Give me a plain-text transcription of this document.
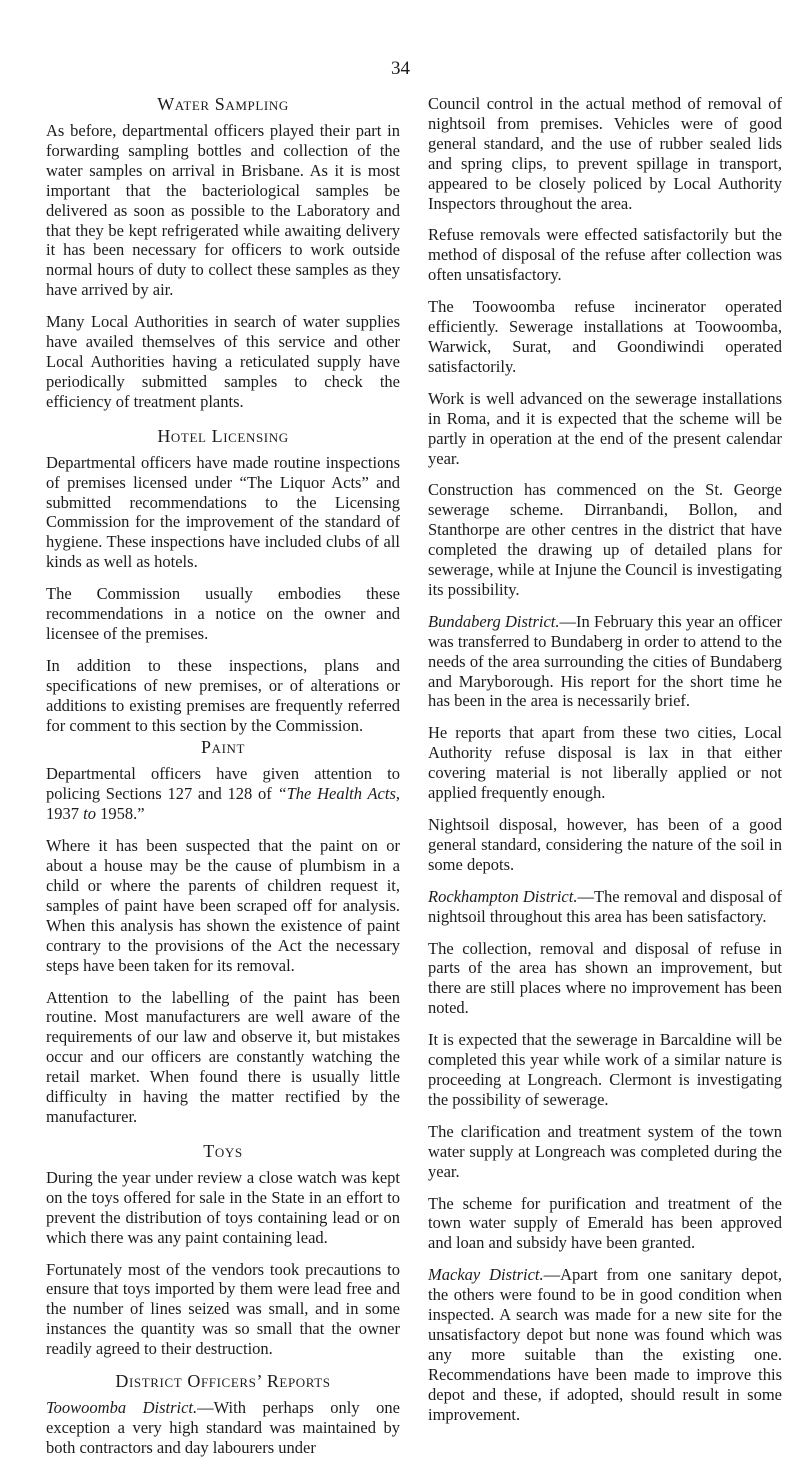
34
Water Sampling

As before, departmental officers played their part in forwarding sampling bottles and collection of the water samples on arrival in Brisbane. As it is most important that the bacteriological samples be delivered as soon as possible to the Laboratory and that they be kept refrigerated while awaiting delivery it has been necessary for officers to work outside normal hours of duty to collect these samples as they have arrived by air.

Many Local Authorities in search of water supplies have availed themselves of this service and other Local Authorities having a reticulated supply have periodically submitted samples to check the efficiency of treatment plants.

Hotel Licensing

Departmental officers have made routine inspections of premises licensed under “The Liquor Acts” and submitted recommendations to the Licensing Commission for the improvement of the standard of hygiene. These inspections have included clubs of all kinds as well as hotels.

The Commission usually embodies these recommendations in a notice on the owner and licensee of the premises.

In addition to these inspections, plans and specifications of new premises, or of alterations or additions to existing premises are frequently referred for comment to this section by the Commission.

Paint

Departmental officers have given attention to policing Sections 127 and 128 of “The Health Acts, 1937 to 1958.”

Where it has been suspected that the paint on or about a house may be the cause of plumbism in a child or where the parents of children request it, samples of paint have been scraped off for analysis. When this analysis has shown the existence of paint contrary to the provisions of the Act the necessary steps have been taken for its removal.

Attention to the labelling of the paint has been routine. Most manufacturers are well aware of the requirements of our law and observe it, but mistakes occur and our officers are constantly watching the retail market. When found there is usually little difficulty in having the matter rectified by the manufacturer.

Toys

During the year under review a close watch was kept on the toys offered for sale in the State in an effort to prevent the distribution of toys containing lead or on which there was any paint containing lead.

Fortunately most of the vendors took precautions to ensure that toys imported by them were lead free and the number of lines seized was small, and in some instances the quantity was so small that the owner readily agreed to their destruction.

District Officers’ Reports

Toowoomba District.—With perhaps only one exception a very high standard was maintained by both contractors and day labourers under

Council control in the actual method of removal of nightsoil from premises. Vehicles were of good general standard, and the use of rubber sealed lids and spring clips, to prevent spillage in transport, appeared to be closely policed by Local Authority Inspectors throughout the area.

Refuse removals were effected satisfactorily but the method of disposal of the refuse after collection was often unsatisfactory.

The Toowoomba refuse incinerator operated efficiently. Sewerage installations at Toowoomba, Warwick, Surat, and Goondiwindi operated satisfactorily.

Work is well advanced on the sewerage installations in Roma, and it is expected that the scheme will be partly in operation at the end of the present calendar year.

Construction has commenced on the St. George sewerage scheme. Dirranbandi, Bollon, and Stanthorpe are other centres in the district that have completed the drawing up of detailed plans for sewerage, while at Injune the Council is investigating its possibility.

Bundaberg District.—In February this year an officer was transferred to Bundaberg in order to attend to the needs of the area surrounding the cities of Bundaberg and Maryborough. His report for the short time he has been in the area is necessarily brief.

He reports that apart from these two cities, Local Authority refuse disposal is lax in that either covering material is not liberally applied or not applied frequently enough.

Nightsoil disposal, however, has been of a good general standard, considering the nature of the soil in some depots.

Rockhampton District.—The removal and disposal of nightsoil throughout this area has been satisfactory.

The collection, removal and disposal of refuse in parts of the area has shown an improvement, but there are still places where no improvement has been noted.

It is expected that the sewerage in Barcaldine will be completed this year while work of a similar nature is proceeding at Longreach. Clermont is investigating the possibility of sewerage.

The clarification and treatment system of the town water supply at Longreach was completed during the year.

The scheme for purification and treatment of the town water supply of Emerald has been approved and loan and subsidy have been granted.

Mackay District.—Apart from one sanitary depot, the others were found to be in good condition when inspected. A search was made for a new site for the unsatisfactory depot but none was found which was any more suitable than the existing one. Recommendations have been made to improve this depot and these, if adopted, should result in some improvement.
